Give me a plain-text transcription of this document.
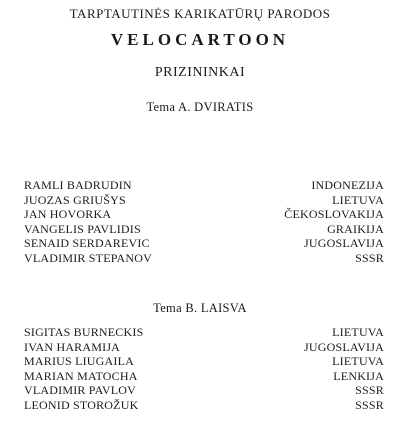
TARPTAUTINĖS KARIKATŪRŲ PARODOS
VELOCARTOON
PRIZININKAI
Tema A. DVIRATIS
RAMLI BADRUDIN	INDONEZIJA
JUOZAS GRIUŠYS	LIETUVA
JAN HOVORKA	ČEKOSLOVAKIJA
VANGELIS PAVLIDIS	GRAIKIJA
SENAID SERDAREVIC	JUGOSLAVIJA
VLADIMIR STEPANOV	SSSR
Tema B. LAISVA
SIGITAS BURNECKIS	LIETUVA
IVAN HARAMIJA	JUGOSLAVIJA
MARIUS LIUGAILA	LIETUVA
MARIAN MATOCHA	LENKIJA
VLADIMIR PAVLOV	SSSR
LEONID STOROŽUK	SSSR
